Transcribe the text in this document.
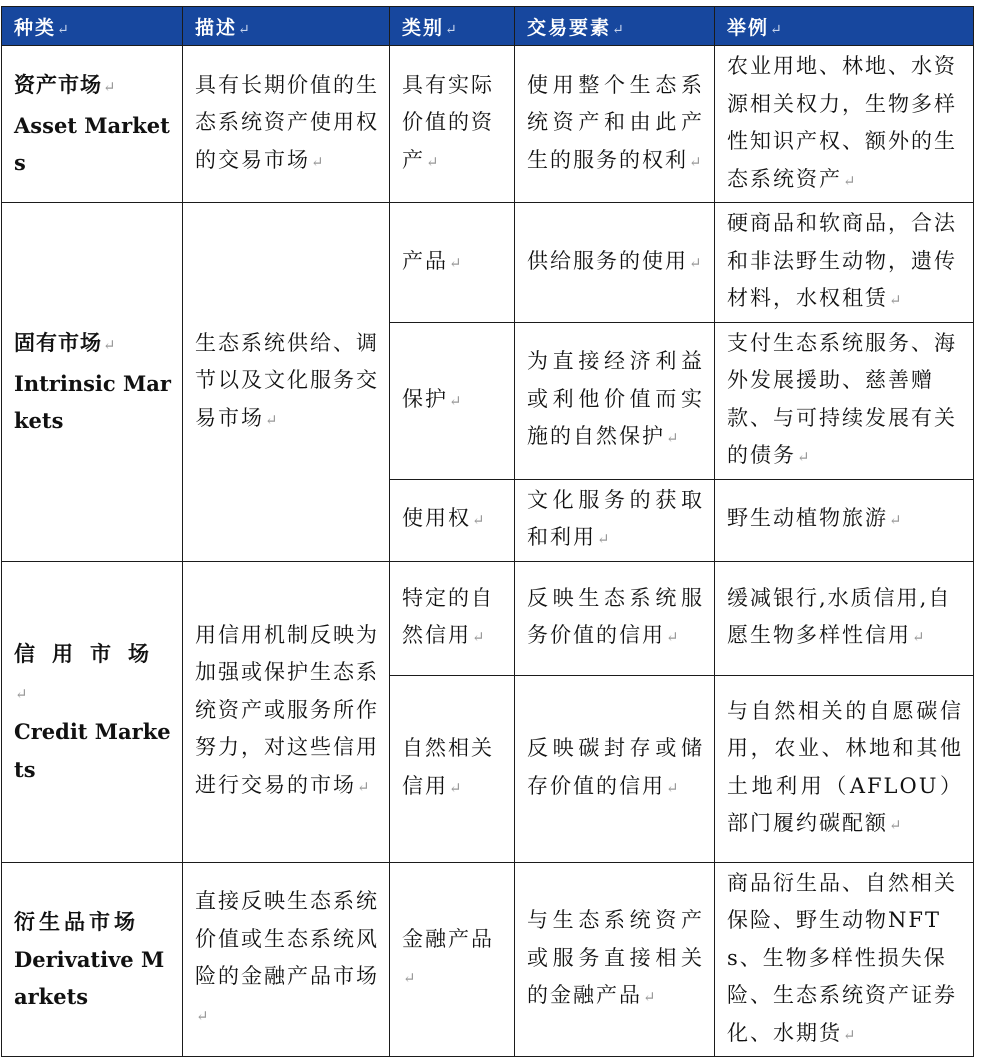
种类↵	描述↵	类别↵	交易要素↵	举例↵
资产市场↵
Asset Markets	具有长期价值的生态系统资产使用权的交易市场↵	具有实际价值的资产↵	使用整个生态系统资产和由此产生的服务的权利↵	农业用地、林地、水资源相关权力，生物多样性知识产权、额外的生态系统资产↵
固有市场↵
Intrinsic Markets	生态系统供给、调节以及文化服务交易市场↵	产品↵	供给服务的使用↵	硬商品和软商品，合法和非法野生动物，遗传材料，水权租赁↵
		保护↵	为直接经济利益或利他价值而实施的自然保护↵	支付生态系统服务、海外发展援助、慈善赠款、与可持续发展有关的债务↵
		使用权↵	文化服务的获取和利用↵	野生动植物旅游↵
信用市场↵
Credit Markets	用信用机制反映为加强或保护生态系统资产或服务所作努力，对这些信用进行交易的市场↵	特定的自然信用↵	反映生态系统服务价值的信用↵	缓减银行,水质信用,自愿生物多样性信用↵
		自然相关信用↵	反映碳封存或储存价值的信用↵	与自然相关的自愿碳信用，农业、林地和其他土地利用（AFLOU）部门履约碳配额↵
衍生品市场
Derivative Markets	直接反映生态系统价值或生态系统风险的金融产品市场↵	金融产品↵	与生态系统资产或服务直接相关的金融产品↵	商品衍生品、自然相关保险、野生动物NFTs、生物多样性损失保险、生态系统资产证券化、水期货↵
